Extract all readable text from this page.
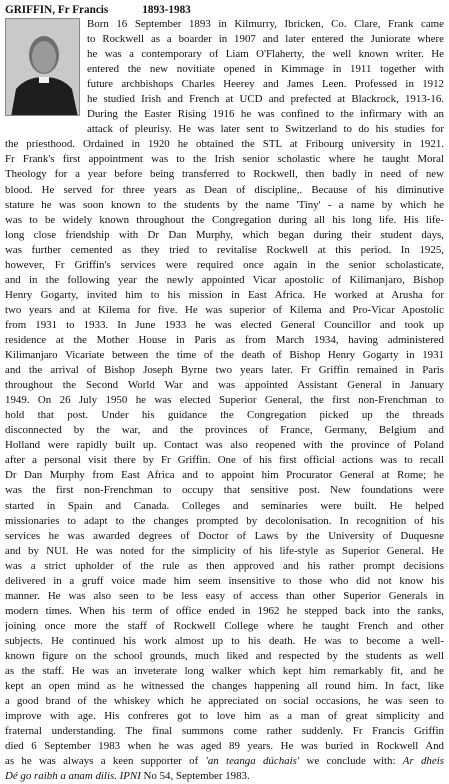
GRIFFIN, Fr Francis	1893-1983
Born 16 September 1893 in Kilmurry, Ibricken, Co. Clare, Frank came
to Rockwell as a boarder in 1907 and later entered the Juniorate where
he was a contemporary of Liam O'Flaherty, the well known writer. He
entered the new novitiate opened in Kimmage in 1911 together with
future archbishops Charles Heerey and James Leen. Professed in 1912
he studied Irish and French at UCD and prefected at Blackrock, 1913-16.
During the Easter Rising 1916 he was confined to the infirmary with an
attack of pleurisy. He was later sent to Switzerland to do his studies for
the priesthood. Ordained in 1920 he obtained the STL at Fribourg university in 1921.
Fr Frank's first appointment was to the Irish senior scholastic where he taught Moral
Theology for a year before being transferred to Rockwell, then badly in need of new
blood. He served for three years as Dean of discipline,. Because of his diminutive
stature he was soon known to the students by the name 'Tiny' - a name by which he
was to be widely known throughout the Congregation during all his long life. His life-
long close friendship with Dr Dan Murphy, which began during their student days,
was further cemented as they tried to revitalise Rockwell at this period. In 1925,
however, Fr Griffin's services were required once again in the senior scholasticate,
and in the following year the newly appointed Vicar apostolic of Kilimanjaro, Bishop
Henry Gogarty, invited him to his mission in East Africa. He worked at Arusha for
two years and at Kilema for five. He was superior of Kilema and Pro-Vicar Apostolic
from 1931 to 1933. In June 1933 he was elected General Councillor and took up
residence at the Mother House in Paris as from March 1934, having administered
Kilimanjaro Vicariate between the time of the death of Bishop Henry Gogarty in 1931
and the arrival of Bishop Joseph Byrne two years later. Fr Griffin remained in Paris
throughout the Second World War and was appointed Assistant General in January
1949. On 26 July 1950 he was elected Superior General, the first non-Frenchman to
hold that post. Under his guidance the Congregation picked up the threads
disconnected by the war, and the provinces of France, Germany, Belgium and
Holland were rapidly built up. Contact was also reopened with the province of Poland
after a personal visit there by Fr Griffin. One of his first official actions was to recall
Dr Dan Murphy from East Africa and to appoint him Procurator General at Rome; he
was the first non-Frenchman to occupy that sensitive post. New foundations were
started in Spain and Canada. Colleges and seminaries were built. He helped
missionaries to adapt to the changes prompted by decolonisation. In recognition of his
services he was awarded degrees of Doctor of Laws by the University of Duquesne
and by NUI. He was noted for the simplicity of his life-style as Superior General. He
was a strict upholder of the rule as then approved and his rather prompt decisions
delivered in a gruff voice made him seem insensitive to those who did not know his
manner. He was also seen to be less easy of access than other Superior Generals in
modern times. When his term of office ended in 1962 he stepped back into the ranks,
joining once more the staff of Rockwell College where he taught French and other
subjects. He continued his work almost up to his death. He was to become a well-
known figure on the school grounds, much liked and respected by the students as well
as the staff. He was an inveterate long walker which kept him remarkably fit, and he
kept an open mind as he witnessed the changes happening all round him. In fact, like
a good brand of the whiskey which he appreciated on social occasions, he was seen to
improve with age. His confreres got to love him as a man of great simplicity and
fraternal understanding. The final summons come rather suddenly. Fr Francis Griffin
died 6 September 1983 when he was aged 89 years. He was buried in Rockwell And
as he was always a keen supporter of 'an teanga dúchais' we conclude with: Ar dheis
Dé go raibh a anam dilis. IPNI No 54, September 1983.
